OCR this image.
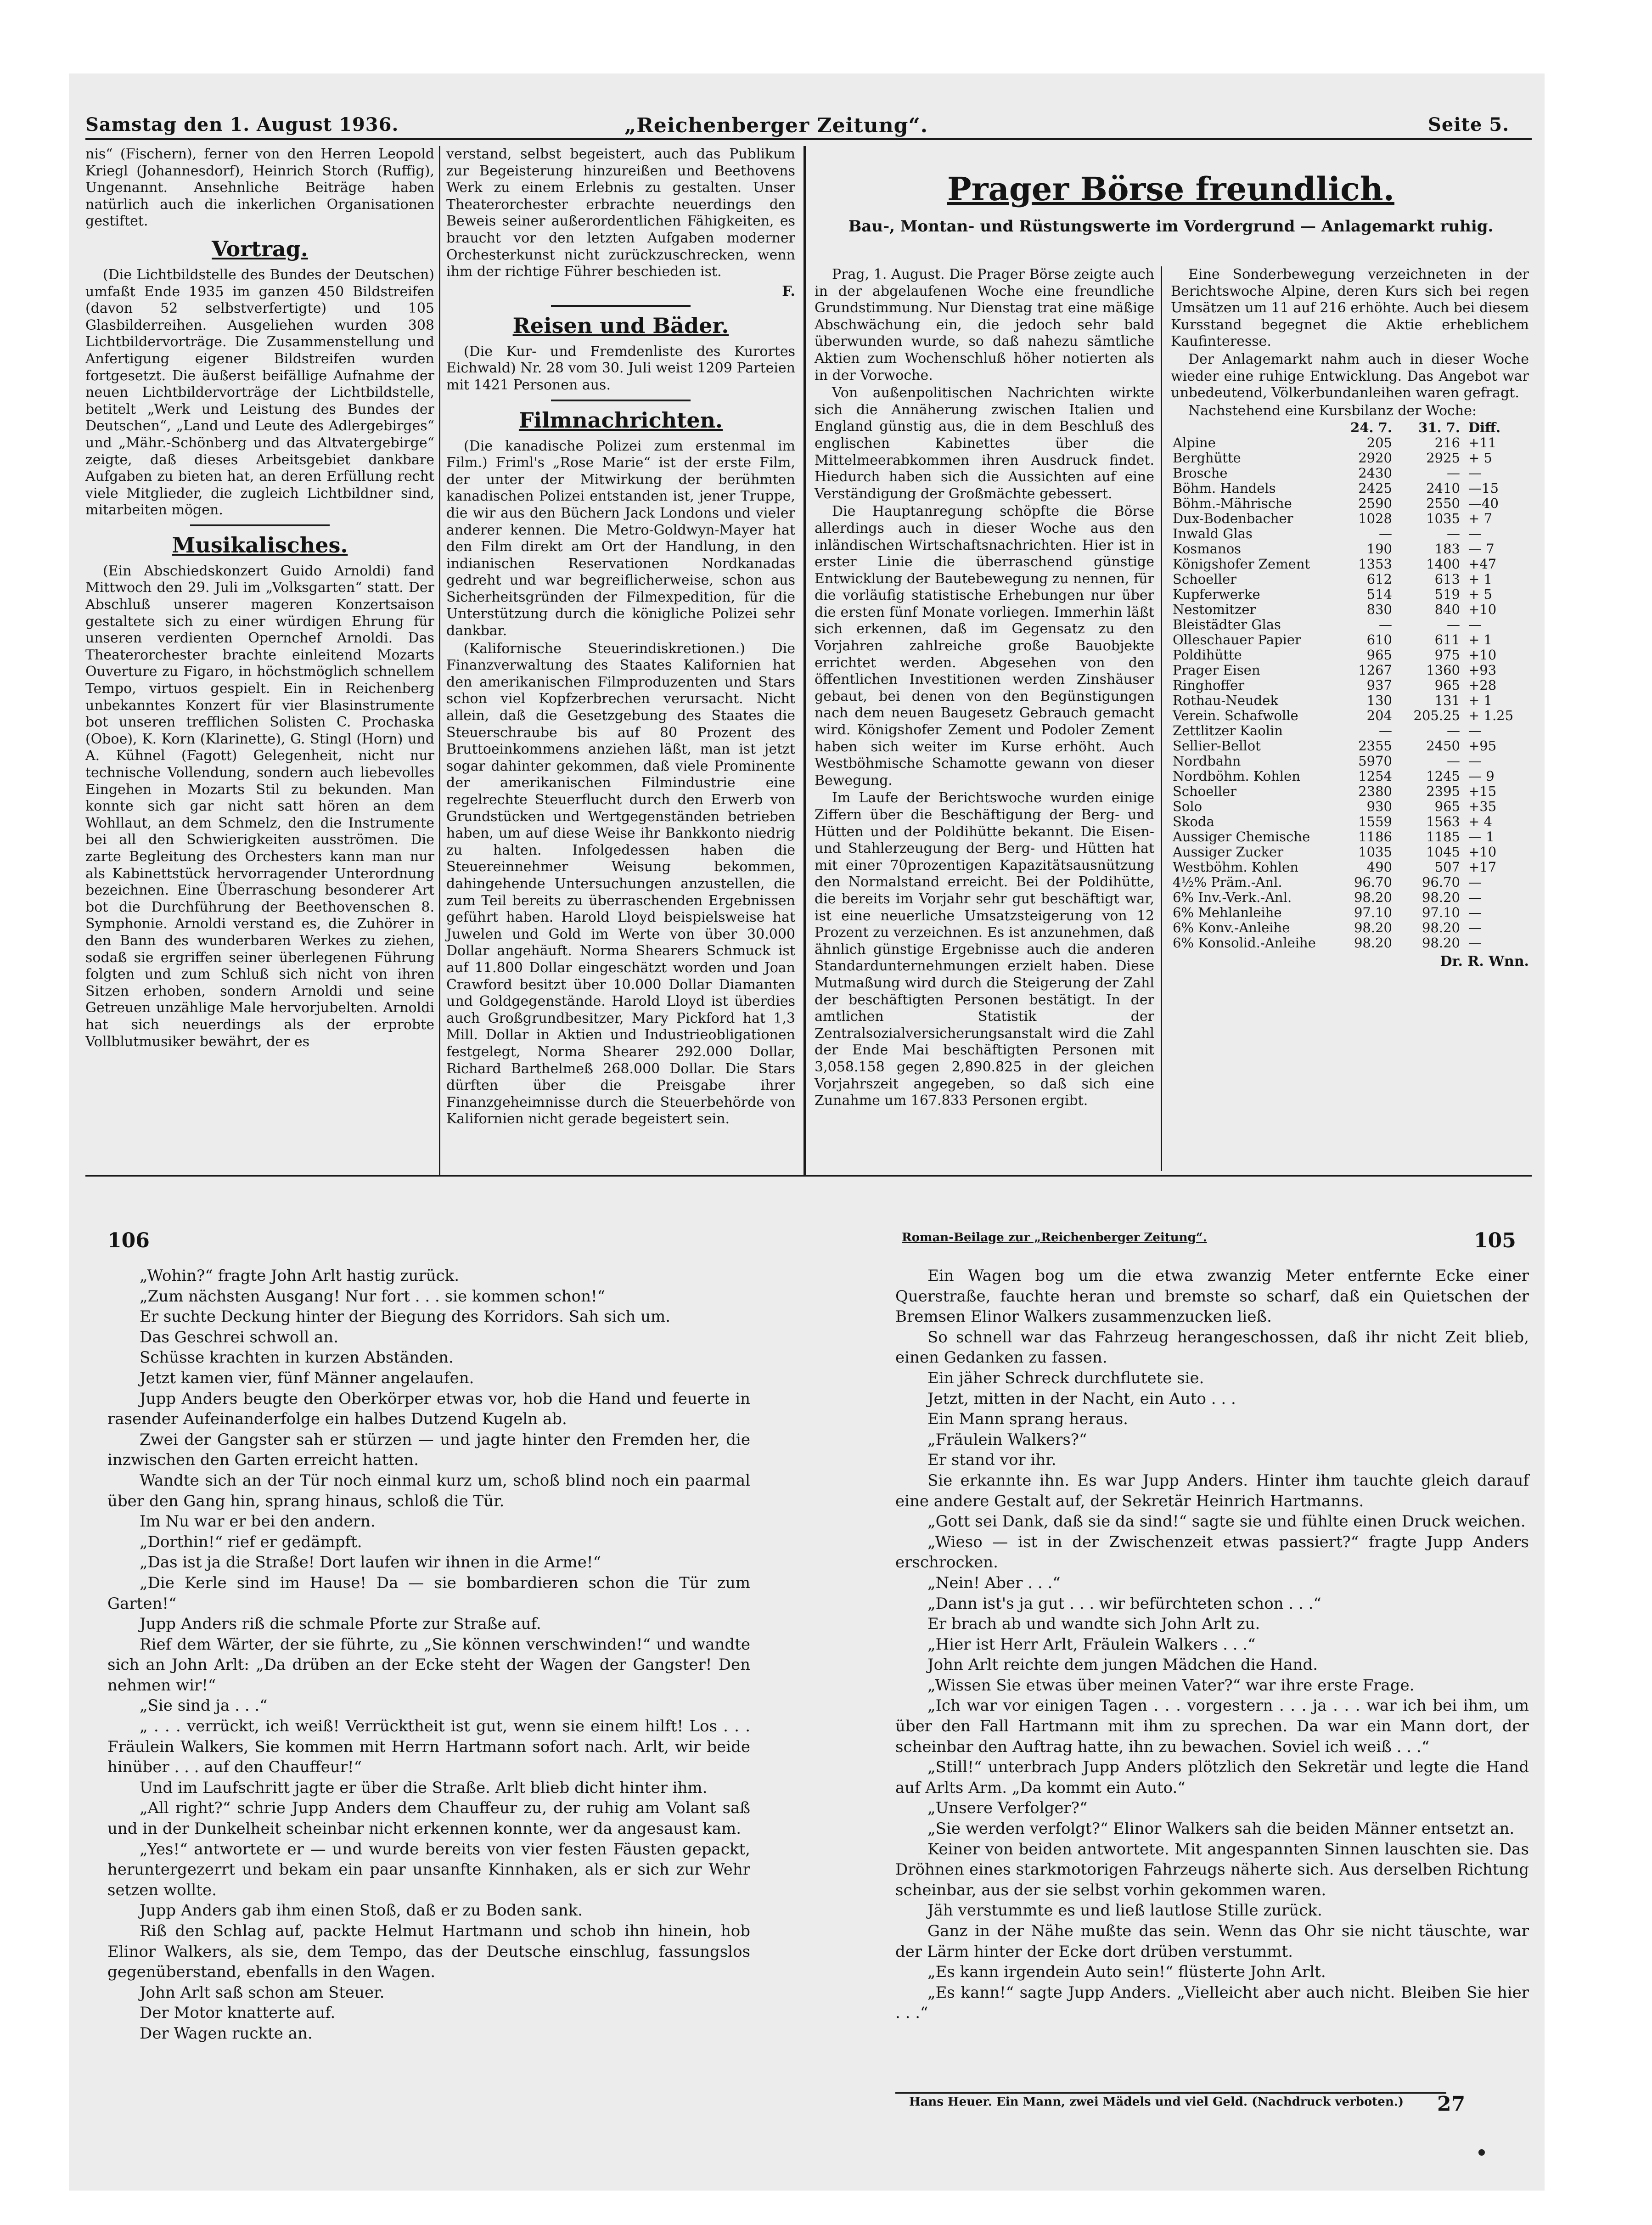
Samstag den 1. August 1936.	„Reichenberger Zeitung“.	Seite 5.

nis“ (Fischern), ferner von den Herren Leopold Kriegl (Johannesdorf), Heinrich Storch (Ruffig), Ungenannt. Ansehnliche Beiträge haben natürlich auch die inkerlichen Organisationen gestiftet.

Vortrag.

(Die Lichtbildstelle des Bundes der Deutschen) umfaßt Ende 1935 im ganzen 450 Bildstreifen (davon 52 selbstverfertigte) und 105 Glasbilderreihen. Ausgeliehen wurden 308 Lichtbildervorträge. Die Zusammenstellung und Anfertigung eigener Bildstreifen wurden fortgesetzt. Die äußerst beifällige Aufnahme der neuen Lichtbildervorträge der Lichtbildstelle, betitelt „Werk und Leistung des Bundes der Deutschen“, „Land und Leute des Adlergebirges“ und „Mähr.-Schönberg und das Altvatergebirge“ zeigte, daß dieses Arbeitsgebiet dankbare Aufgaben zu bieten hat, an deren Erfüllung recht viele Mitglieder, die zugleich Lichtbildner sind, mitarbeiten mögen.

Musikalisches.

(Ein Abschiedskonzert Guido Arnoldi) fand Mittwoch den 29. Juli im „Volksgarten“ statt. Der Abschluß unserer mageren Konzertsaison gestaltete sich zu einer würdigen Ehrung für unseren verdienten Opernchef Arnoldi. Das Theaterorchester brachte einleitend Mozarts Ouverture zu Figaro, in höchstmöglich schnellem Tempo, virtuos gespielt. Ein in Reichenberg unbekanntes Konzert für vier Blasinstrumente bot unseren trefflichen Solisten C. Prochaska (Oboe), K. Korn (Klarinette), G. Stingl (Horn) und A. Kühnel (Fagott) Gelegenheit, nicht nur technische Vollendung, sondern auch liebevolles Eingehen in Mozarts Stil zu bekunden. Man konnte sich gar nicht satt hören an dem Wohllaut, an dem Schmelz, den die Instrumente bei all den Schwierigkeiten ausströmen. Die zarte Begleitung des Orchesters kann man nur als Kabinettstück hervorragender Unterordnung bezeichnen. Eine Überraschung besonderer Art bot die Durchführung der Beethovenschen 8. Symphonie. Arnoldi verstand es, die Zuhörer in den Bann des wunderbaren Werkes zu ziehen, sodaß sie ergriffen seiner überlegenen Führung folgten und zum Schluß sich nicht von ihren Sitzen erhoben, sondern Arnoldi und seine Getreuen unzählige Male hervorjubelten. Arnoldi hat sich neuerdings als der erprobte Vollblutmusiker bewährt, der es

verstand, selbst begeistert, auch das Publikum zur Begeisterung hinzureißen und Beethovens Werk zu einem Erlebnis zu gestalten. Unser Theaterorchester erbrachte neuerdings den Beweis seiner außerordentlichen Fähigkeiten, es braucht vor den letzten Aufgaben moderner Orchesterkunst nicht zurückzuschrecken, wenn ihm der richtige Führer beschieden ist.

F.
Reisen und Bäder.

(Die Kur- und Fremdenliste des Kurortes Eichwald) Nr. 28 vom 30. Juli weist 1209 Parteien mit 1421 Personen aus.

Filmnachrichten.

(Die kanadische Polizei zum erstenmal im Film.) Friml's „Rose Marie“ ist der erste Film, der unter der Mitwirkung der berühmten kanadischen Polizei entstanden ist, jener Truppe, die wir aus den Büchern Jack Londons und vieler anderer kennen. Die Metro-Goldwyn-Mayer hat den Film direkt am Ort der Handlung, in den indianischen Reservationen Nordkanadas gedreht und war begreiflicherweise, schon aus Sicherheitsgründen der Filmexpedition, für die Unterstützung durch die königliche Polizei sehr dankbar.

(Kalifornische Steuerindiskretionen.) Die Finanzverwaltung des Staates Kalifornien hat den amerikanischen Filmproduzenten und Stars schon viel Kopfzerbrechen verursacht. Nicht allein, daß die Gesetzgebung des Staates die Steuerschraube bis auf 80 Prozent des Bruttoeinkommens anziehen läßt, man ist jetzt sogar dahinter gekommen, daß viele Prominente der amerikanischen Filmindustrie eine regelrechte Steuerflucht durch den Erwerb von Grundstücken und Wertgegenständen betrieben haben, um auf diese Weise ihr Bankkonto niedrig zu halten. Infolgedessen haben die Steuereinnehmer Weisung bekommen, dahingehende Untersuchungen anzustellen, die zum Teil bereits zu überraschenden Ergebnissen geführt haben. Harold Lloyd beispielsweise hat Juwelen und Gold im Werte von über 30.000 Dollar angehäuft. Norma Shearers Schmuck ist auf 11.800 Dollar eingeschätzt worden und Joan Crawford besitzt über 10.000 Dollar Diamanten und Goldgegenstände. Harold Lloyd ist überdies auch Großgrundbesitzer, Mary Pickford hat 1,3 Mill. Dollar in Aktien und Industrieobligationen festgelegt, Norma Shearer 292.000 Dollar, Richard Barthelmeß 268.000 Dollar. Die Stars dürften über die Preisgabe ihrer Finanzgeheimnisse durch die Steuerbehörde von Kalifornien nicht gerade begeistert sein.

Prager Börse freundlich.
Bau-, Montan- und Rüstungswerte im Vordergrund — Anlagemarkt ruhig.

Prag, 1. August. Die Prager Börse zeigte auch in der abgelaufenen Woche eine freundliche Grundstimmung. Nur Dienstag trat eine mäßige Abschwächung ein, die jedoch sehr bald überwunden wurde, so daß nahezu sämtliche Aktien zum Wochenschluß höher notierten als in der Vorwoche.

Von außenpolitischen Nachrichten wirkte sich die Annäherung zwischen Italien und England günstig aus, die in dem Beschluß des englischen Kabinettes über die Mittelmeerabkommen ihren Ausdruck findet. Hiedurch haben sich die Aussichten auf eine Verständigung der Großmächte gebessert.

Die Hauptanregung schöpfte die Börse allerdings auch in dieser Woche aus den inländischen Wirtschaftsnachrichten. Hier ist in erster Linie die überraschend günstige Entwicklung der Bautebewegung zu nennen, für die vorläufig statistische Erhebungen nur über die ersten fünf Monate vorliegen. Immerhin läßt sich erkennen, daß im Gegensatz zu den Vorjahren zahlreiche große Bauobjekte errichtet werden. Abgesehen von den öffentlichen Investitionen werden Zinshäuser gebaut, bei denen von den Begünstigungen nach dem neuen Baugesetz Gebrauch gemacht wird. Königshofer Zement und Podoler Zement haben sich weiter im Kurse erhöht. Auch Westböhmische Schamotte gewann von dieser Bewegung.

Im Laufe der Berichtswoche wurden einige Ziffern über die Beschäftigung der Berg- und Hütten und der Poldihütte bekannt. Die Eisen- und Stahlerzeugung der Berg- und Hütten hat mit einer 70prozentigen Kapazitätsausnützung den Normalstand erreicht. Bei der Poldihütte, die bereits im Vorjahr sehr gut beschäftigt war, ist eine neuerliche Umsatzsteigerung von 12 Prozent zu verzeichnen. Es ist anzunehmen, daß ähnlich günstige Ergebnisse auch die anderen Standardunternehmungen erzielt haben. Diese Mutmaßung wird durch die Steigerung der Zahl der beschäftigten Personen bestätigt. In der amtlichen Statistik der Zentralsozialversicherungsanstalt wird die Zahl der Ende Mai beschäftigten Personen mit 3,058.158 gegen 2,890.825 in der gleichen Vorjahrszeit angegeben, so daß sich eine Zunahme um 167.833 Personen ergibt.

Eine Sonderbewegung verzeichneten in der Berichtswoche Alpine, deren Kurs sich bei regen Umsätzen um 11 auf 216 erhöhte. Auch bei diesem Kursstand begegnet die Aktie erheblichem Kaufinteresse.

Der Anlagemarkt nahm auch in dieser Woche wieder eine ruhige Entwicklung. Das Angebot war unbedeutend, Völkerbundanleihen waren gefragt.

Nachstehend eine Kursbilanz der Woche:

	24. 7.	31. 7.	Diff.
Alpine	205	216	+11
Berghütte	2920	2925	+ 5
Brosche	2430	—	—
Böhm. Handels	2425	2410	—15
Böhm.-Mährische	2590	2550	—40
Dux-Bodenbacher	1028	1035	+ 7
Inwald Glas	—	—	—
Kosmanos	190	183	— 7
Königshofer Zement	1353	1400	+47
Schoeller	612	613	+ 1
Kupferwerke	514	519	+ 5
Nestomitzer	830	840	+10
Bleistädter Glas	—	—	—
Olleschauer Papier	610	611	+ 1
Poldihütte	965	975	+10
Prager Eisen	1267	1360	+93
Ringhoffer	937	965	+28
Rothau-Neudek	130	131	+ 1
Verein. Schafwolle	204	205.25	+ 1.25
Zettlitzer Kaolin	—	—	—
Sellier-Bellot	2355	2450	+95
Nordbahn	5970	—	—
Nordböhm. Kohlen	1254	1245	— 9
Schoeller	2380	2395	+15
Solo	930	965	+35
Skoda	1559	1563	+ 4
Aussiger Chemische	1186	1185	— 1
Aussiger Zucker	1035	1045	+10
Westböhm. Kohlen	490	507	+17
4½% Präm.-Anl.	96.70	96.70	—
6% Inv.-Verk.-Anl.	98.20	98.20	—
6% Mehlanleihe	97.10	97.10	—
6% Konv.-Anleihe	98.20	98.20	—
6% Konsolid.-Anleihe	98.20	98.20	—
Dr. R. Wnn.
106	Roman-Beilage zur „Reichenberger Zeitung“.	105

„Wohin?“ fragte John Arlt hastig zurück.

„Zum nächsten Ausgang! Nur fort . . . sie kommen schon!“

Er suchte Deckung hinter der Biegung des Korridors. Sah sich um.

Das Geschrei schwoll an.

Schüsse krachten in kurzen Abständen.

Jetzt kamen vier, fünf Männer angelaufen.

Jupp Anders beugte den Oberkörper etwas vor, hob die Hand und feuerte in rasender Aufeinanderfolge ein halbes Dutzend Kugeln ab.

Zwei der Gangster sah er stürzen — und jagte hinter den Fremden her, die inzwischen den Garten erreicht hatten.

Wandte sich an der Tür noch einmal kurz um, schoß blind noch ein paarmal über den Gang hin, sprang hinaus, schloß die Tür.

Im Nu war er bei den andern.

„Dorthin!“ rief er gedämpft.

„Das ist ja die Straße! Dort laufen wir ihnen in die Arme!“

„Die Kerle sind im Hause! Da — sie bombardieren schon die Tür zum Garten!“

Jupp Anders riß die schmale Pforte zur Straße auf.

Rief dem Wärter, der sie führte, zu „Sie können verschwinden!“ und wandte sich an John Arlt: „Da drüben an der Ecke steht der Wagen der Gangster! Den nehmen wir!“

„Sie sind ja . . .“

„ . . . verrückt, ich weiß! Verrücktheit ist gut, wenn sie einem hilft! Los . . . Fräulein Walkers, Sie kommen mit Herrn Hartmann sofort nach. Arlt, wir beide hinüber . . . auf den Chauffeur!“

Und im Laufschritt jagte er über die Straße. Arlt blieb dicht hinter ihm.

„All right?“ schrie Jupp Anders dem Chauffeur zu, der ruhig am Volant saß und in der Dunkelheit scheinbar nicht erkennen konnte, wer da angesaust kam.

„Yes!“ antwortete er — und wurde bereits von vier festen Fäusten gepackt, heruntergezerrt und bekam ein paar unsanfte Kinnhaken, als er sich zur Wehr setzen wollte.

Jupp Anders gab ihm einen Stoß, daß er zu Boden sank.

Riß den Schlag auf, packte Helmut Hartmann und schob ihn hinein, hob Elinor Walkers, als sie, dem Tempo, das der Deutsche einschlug, fassungslos gegenüberstand, ebenfalls in den Wagen.

John Arlt saß schon am Steuer.

Der Motor knatterte auf.

Der Wagen ruckte an.

Ein Wagen bog um die etwa zwanzig Meter entfernte Ecke einer Querstraße, fauchte heran und bremste so scharf, daß ein Quietschen der Bremsen Elinor Walkers zusammenzucken ließ.

So schnell war das Fahrzeug herangeschossen, daß ihr nicht Zeit blieb, einen Gedanken zu fassen.

Ein jäher Schreck durchflutete sie.

Jetzt, mitten in der Nacht, ein Auto . . .

Ein Mann sprang heraus.

„Fräulein Walkers?“

Er stand vor ihr.

Sie erkannte ihn. Es war Jupp Anders. Hinter ihm tauchte gleich darauf eine andere Gestalt auf, der Sekretär Heinrich Hartmanns.

„Gott sei Dank, daß sie da sind!“ sagte sie und fühlte einen Druck weichen.

„Wieso — ist in der Zwischenzeit etwas passiert?“ fragte Jupp Anders erschrocken.

„Nein! Aber . . .“

„Dann ist's ja gut . . . wir befürchteten schon . . .“

Er brach ab und wandte sich John Arlt zu.

„Hier ist Herr Arlt, Fräulein Walkers . . .“

John Arlt reichte dem jungen Mädchen die Hand.

„Wissen Sie etwas über meinen Vater?“ war ihre erste Frage.

„Ich war vor einigen Tagen . . . vorgestern . . . ja . . . war ich bei ihm, um über den Fall Hartmann mit ihm zu sprechen. Da war ein Mann dort, der scheinbar den Auftrag hatte, ihn zu bewachen. Soviel ich weiß . . .“

„Still!“ unterbrach Jupp Anders plötzlich den Sekretär und legte die Hand auf Arlts Arm. „Da kommt ein Auto.“

„Unsere Verfolger?“

„Sie werden verfolgt?“ Elinor Walkers sah die beiden Männer entsetzt an.

Keiner von beiden antwortete. Mit angespannten Sinnen lauschten sie. Das Dröhnen eines starkmotorigen Fahrzeugs näherte sich. Aus derselben Richtung scheinbar, aus der sie selbst vorhin gekommen waren.

Jäh verstummte es und ließ lautlose Stille zurück.

Ganz in der Nähe mußte das sein. Wenn das Ohr sie nicht täuschte, war der Lärm hinter der Ecke dort drüben verstummt.

„Es kann irgendein Auto sein!“ flüsterte John Arlt.

„Es kann!“ sagte Jupp Anders. „Vielleicht aber auch nicht. Bleiben Sie hier . . .“

Hans Heuer. Ein Mann, zwei Mädels und viel Geld. (Nachdruck verboten.) 27
